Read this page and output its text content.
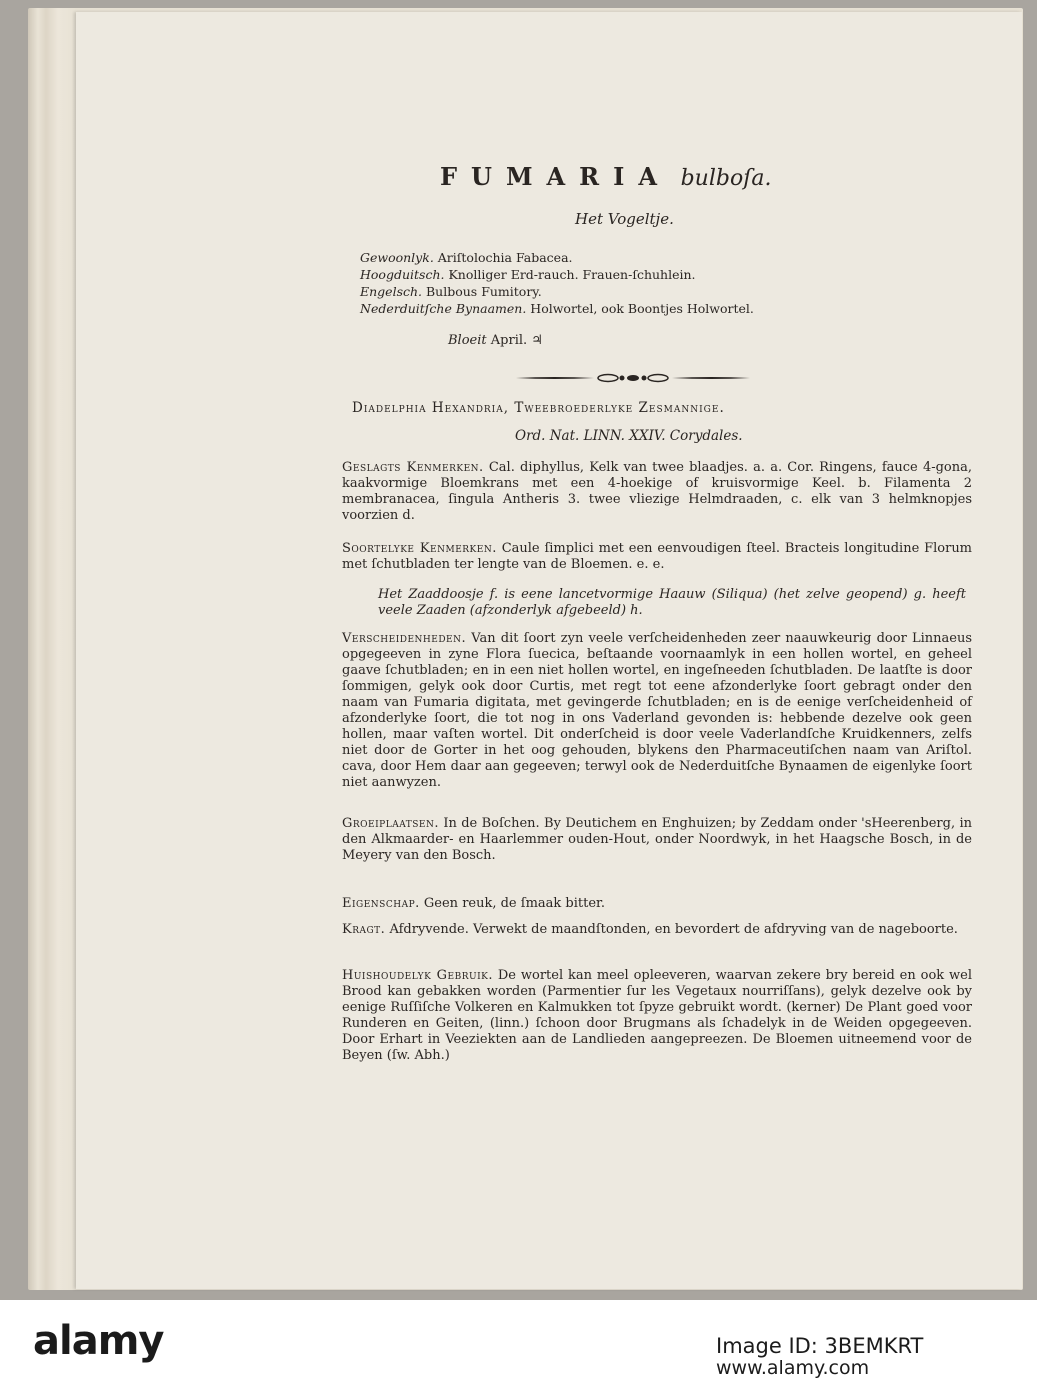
FUMARIA bulboſa.
Het Vogeltje.
Gewoonlyk. Ariſtolochia Fabacea.
Hoogduitsch. Knolliger Erd-rauch. Frauen-ſchuhlein.
Engelsch. Bulbous Fumitory.
Nederduitſche Bynaamen. Holwortel, ook Boontjes Holwortel.
Bloeit April. ♃
Diadelphia Hexandria, Tweebroederlyke Zesmannige.
Ord. Nat. LINN. XXIV. Corydales.
Geslagts Kenmerken. Cal. diphyllus, Kelk van twee blaadjes. a. a. Cor. Ringens, fauce 4-gona, kaakvormige Bloemkrans met een 4-hoekige of kruisvormige Keel. b. Filamenta 2 membranacea, ſingula Antheris 3. twee vliezige Helmdraaden, c. elk van 3 helmknopjes voorzien d.
Soortelyke Kenmerken. Caule ſimplici met een eenvoudigen ſteel. Bracteis longitudine Florum met ſchutbladen ter lengte van de Bloemen. e. e.
Het Zaaddoosje f. is eene lancetvormige Haauw (Siliqua) (het zelve geopend) g. heeft veele Zaaden (afzonderlyk afgebeeld) h.
Verscheidenheden. Van dit ſoort zyn veele verſcheidenheden zeer naauwkeurig door Linnaeus opgegeeven in zyne Flora ſuecica, beſtaande voornaamlyk in een hollen wortel, en geheel gaave ſchutbladen; en in een niet hollen wortel, en ingeſneeden ſchutbladen. De laatſte is door ſommigen, gelyk ook door Curtis, met regt tot eene afzonderlyke ſoort gebragt onder den naam van Fumaria digitata, met gevingerde ſchutbladen; en is de eenige verſcheidenheid of afzonderlyke ſoort, die tot nog in ons Vaderland gevonden is: hebbende dezelve ook geen hollen, maar vaſten wortel. Dit onderſcheid is door veele Vaderlandſche Kruidkenners, zelfs niet door de Gorter in het oog gehouden, blykens den Pharmaceutiſchen naam van Ariſtol. cava, door Hem daar aan gegeeven; terwyl ook de Nederduitſche Bynaamen de eigenlyke ſoort niet aanwyzen.
Groeiplaatsen. In de Boſchen. By Deutichem en Enghuizen; by Zeddam onder 'sHeerenberg, in den Alkmaarder- en Haarlemmer ouden-Hout, onder Noordwyk, in het Haagsche Bosch, in de Meyery van den Bosch.
Eigenschap. Geen reuk, de ſmaak bitter.
Kragt. Afdryvende. Verwekt de maandſtonden, en bevordert de afdryving van de nageboorte.
Huishoudelyk Gebruik. De wortel kan meel opleeveren, waarvan zekere bry bereid en ook wel Brood kan gebakken worden (Parmentier ſur les Vegetaux nourriſſans), gelyk dezelve ook by eenige Ruſſiſche Volkeren en Kalmukken tot ſpyze gebruikt wordt. (kerner) De Plant goed voor Runderen en Geiten, (linn.) ſchoon door Brugmans als ſchadelyk in de Weiden opgegeeven. Door Erhart in Veeziekten aan de Landlieden aangepreezen. De Bloemen uitneemend voor de Beyen (ſw. Abh.)
alamy	Image ID: 3BEMKRT
www.alamy.com
